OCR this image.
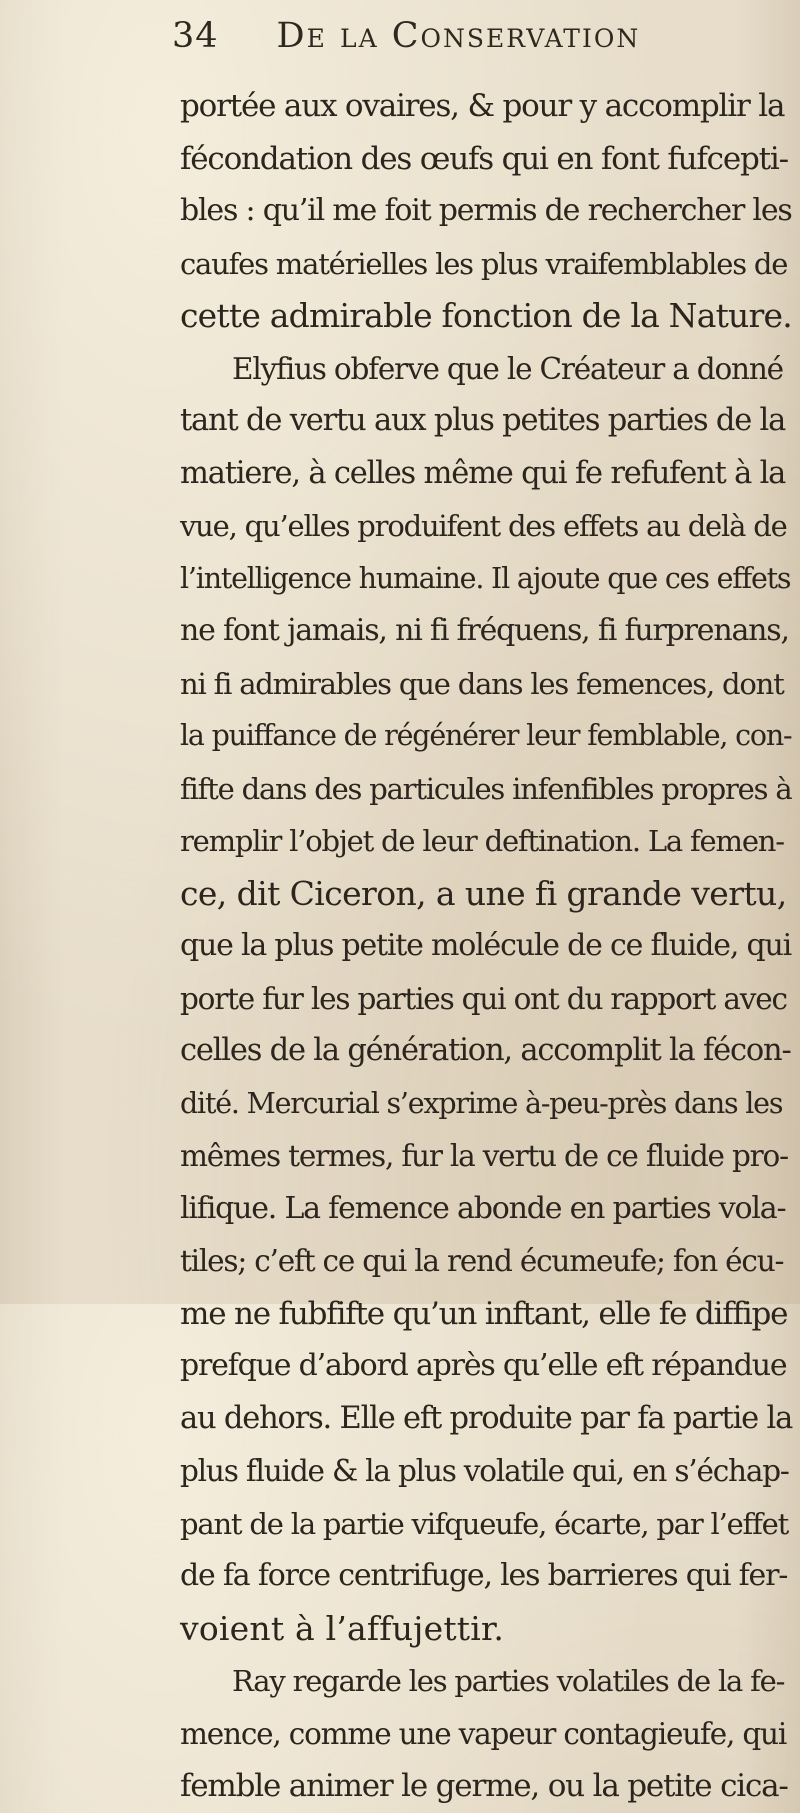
34 De la Conservation
portée aux ovaires, & pour y accomplir la
fécondation des œufs qui en font fufcepti-
bles : qu’il me foit permis de rechercher les
caufes matérielles les plus vraifemblables de
cette admirable fonction de la Nature.
Elyfius obferve que le Créateur a donné
tant de vertu aux plus petites parties de la
matiere, à celles même qui fe refufent à la
vue, qu’elles produifent des effets au delà de
l’intelligence humaine. Il ajoute que ces effets
ne font jamais, ni fi fréquens, fi furprenans,
ni fi admirables que dans les femences, dont
la puiffance de régénérer leur femblable, con-
fifte dans des particules infenfibles propres à
remplir l’objet de leur deftination. La femen-
ce, dit Ciceron, a une fi grande vertu,
que la plus petite molécule de ce fluide, qui
porte fur les parties qui ont du rapport avec
celles de la génération, accomplit la fécon-
dité. Mercurial s’exprime à-peu-près dans les
mêmes termes, fur la vertu de ce fluide pro-
lifique. La femence abonde en parties vola-
tiles; c’eft ce qui la rend écumeufe; fon écu-
me ne fubfifte qu’un inftant, elle fe diffipe
prefque d’abord après qu’elle eft répandue
au dehors. Elle eft produite par fa partie la
plus fluide & la plus volatile qui, en s’échap-
pant de la partie vifqueufe, écarte, par l’effet
de fa force centrifuge, les barrieres qui fer-
voient à l’affujettir.
Ray regarde les parties volatiles de la fe-
mence, comme une vapeur contagieufe, qui
femble animer le germe, ou la petite cica-
